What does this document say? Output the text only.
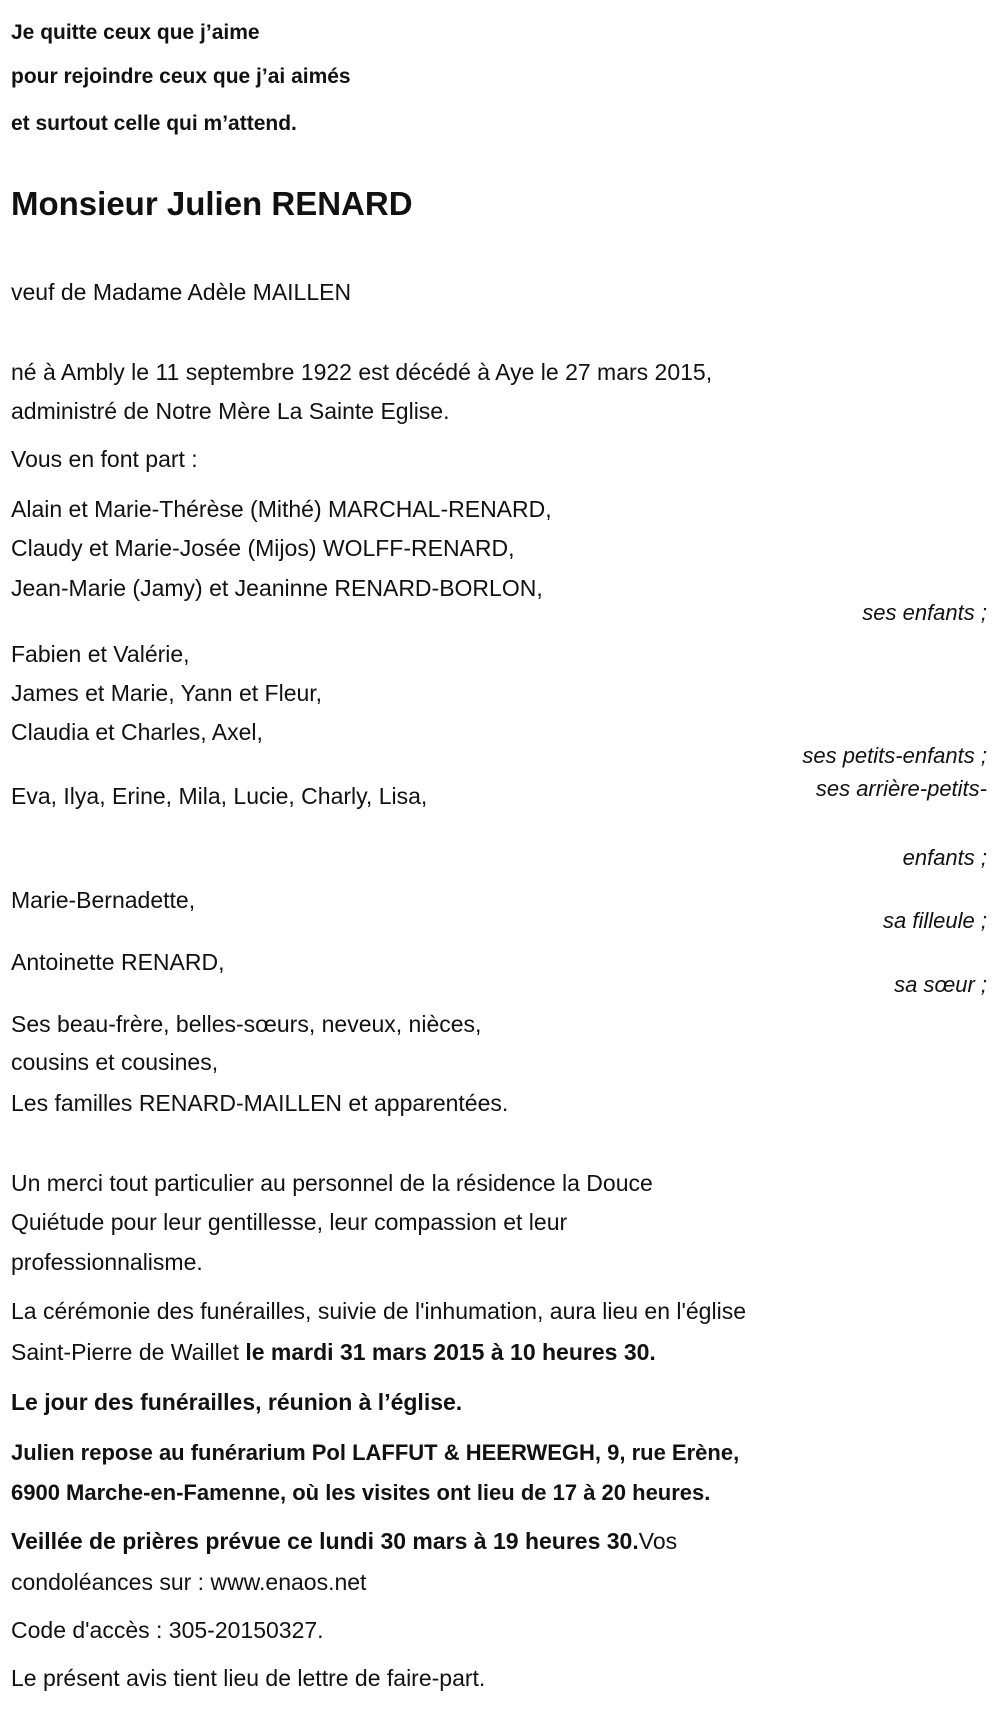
Je quitte ceux que j’aime
pour rejoindre ceux que j’ai aimés
et surtout celle qui m’attend.
Monsieur Julien RENARD
veuf de Madame Adèle MAILLEN
né à Ambly le 11 septembre 1922 est décédé à Aye le 27 mars 2015,
administré de Notre Mère La Sainte Eglise.
Vous en font part :
Alain et Marie-Thérèse (Mithé) MARCHAL-RENARD,
Claudy et Marie-Josée (Mijos) WOLFF-RENARD,
Jean-Marie (Jamy) et Jeaninne RENARD-BORLON,
ses enfants ;
Fabien et Valérie,
James et Marie, Yann et Fleur,
Claudia et Charles, Axel,
ses petits-enfants ;
Eva, Ilya, Erine, Mila, Lucie, Charly, Lisa,	ses arrière-petits-
enfants ;
Marie-Bernadette,
sa filleule ;
Antoinette RENARD,
sa sœur ;
Ses beau-frère, belles-sœurs, neveux, nièces,
cousins et cousines,
Les familles RENARD-MAILLEN et apparentées.
Un merci tout particulier au personnel de la résidence la Douce
Quiétude pour leur gentillesse, leur compassion et leur
professionnalisme.
La cérémonie des funérailles, suivie de l'inhumation, aura lieu en l'église
Saint-Pierre de Waillet le mardi 31 mars 2015 à 10 heures 30.
Le jour des funérailles, réunion à l’église.
Julien repose au funérarium Pol LAFFUT & HEERWEGH, 9, rue Erène,
6900 Marche-en-Famenne, où les visites ont lieu de 17 à 20 heures.
Veillée de prières prévue ce lundi 30 mars à 19 heures 30.Vos
condoléances sur : www.enaos.net
Code d'accès : 305-20150327.
Le présent avis tient lieu de lettre de faire-part.
